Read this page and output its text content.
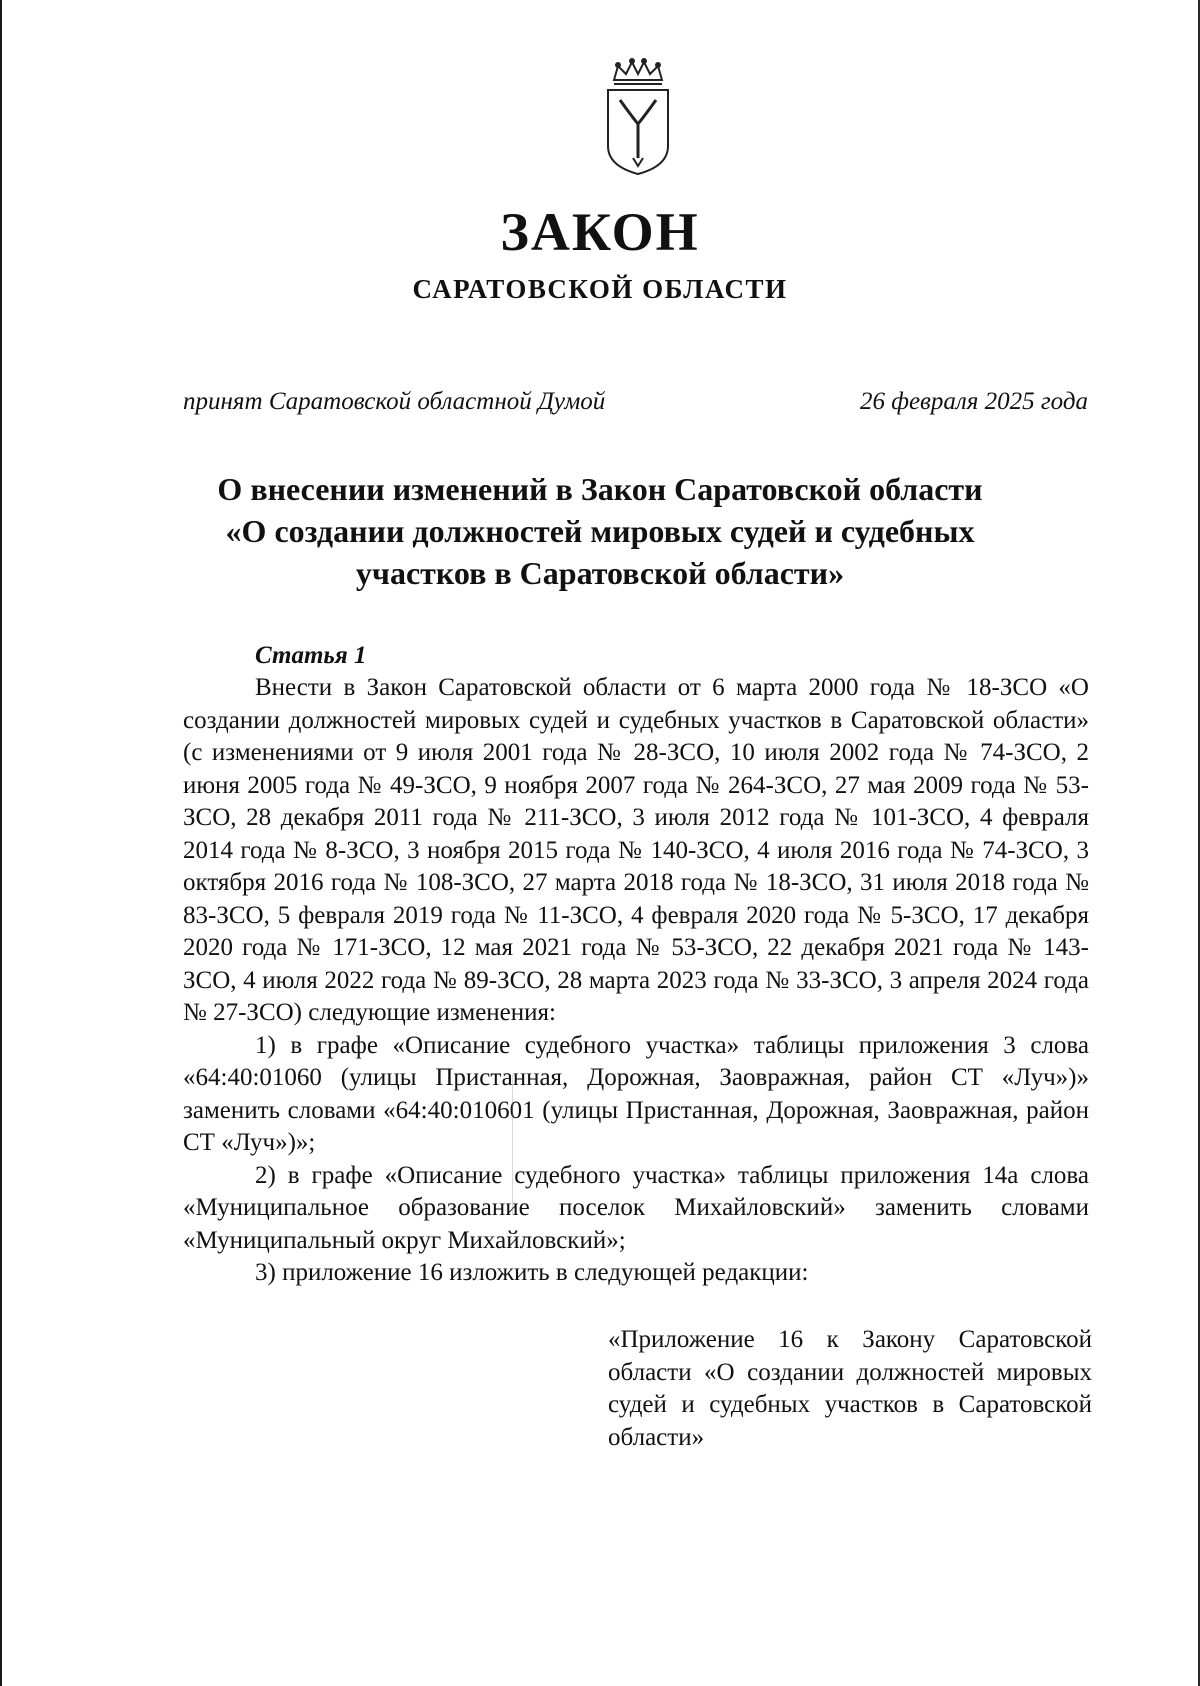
ЗАКОН
САРАТОВСКОЙ ОБЛАСТИ
принят Саратовской областной Думой	26 февраля 2025 года
О внесении изменений в Закон Саратовской области
«О создании должностей мировых судей и судебных
участков в Саратовской области»
Статья 1

Внести в Закон Саратовской области от 6 марта 2000 года № 18-ЗСО «О создании должностей мировых судей и судебных участков в Саратовской области» (с изменениями от 9 июля 2001 года № 28-ЗСО, 10 июля 2002 года № 74-ЗСО, 2 июня 2005 года № 49-ЗСО, 9 ноября 2007 года № 264-ЗСО, 27 мая 2009 года № 53-ЗСО, 28 декабря 2011 года № 211-ЗСО, 3 июля 2012 года № 101-ЗСО, 4 февраля 2014 года № 8-ЗСО, 3 ноября 2015 года № 140-ЗСО, 4 июля 2016 года № 74-ЗСО, 3 октября 2016 года № 108-ЗСО, 27 марта 2018 года № 18-ЗСО, 31 июля 2018 года № 83-ЗСО, 5 февраля 2019 года № 11-ЗСО, 4 февраля 2020 года № 5-ЗСО, 17 декабря 2020 года № 171-ЗСО, 12 мая 2021 года № 53-ЗСО, 22 декабря 2021 года № 143-ЗСО, 4 июля 2022 года № 89-ЗСО, 28 марта 2023 года № 33-ЗСО, 3 апреля 2024 года № 27-ЗСО) следующие изменения:

1) в графе «Описание судебного участка» таблицы приложения 3 слова «64:40:01060 (улицы Пристанная, Дорожная, Заовражная, район СТ «Луч»)» заменить словами «64:40:010601 (улицы Пристанная, Дорожная, Заовражная, район СТ «Луч»)»;

2) в графе «Описание судебного участка» таблицы приложения 14а слова «Муниципальное образование поселок Михайловский» заменить словами «Муниципальный округ Михайловский»;

3) приложение 16 изложить в следующей редакции:

«Приложение 16 к Закону Саратовской области «О создании должностей мировых судей и судебных участков в Саратовской области»
